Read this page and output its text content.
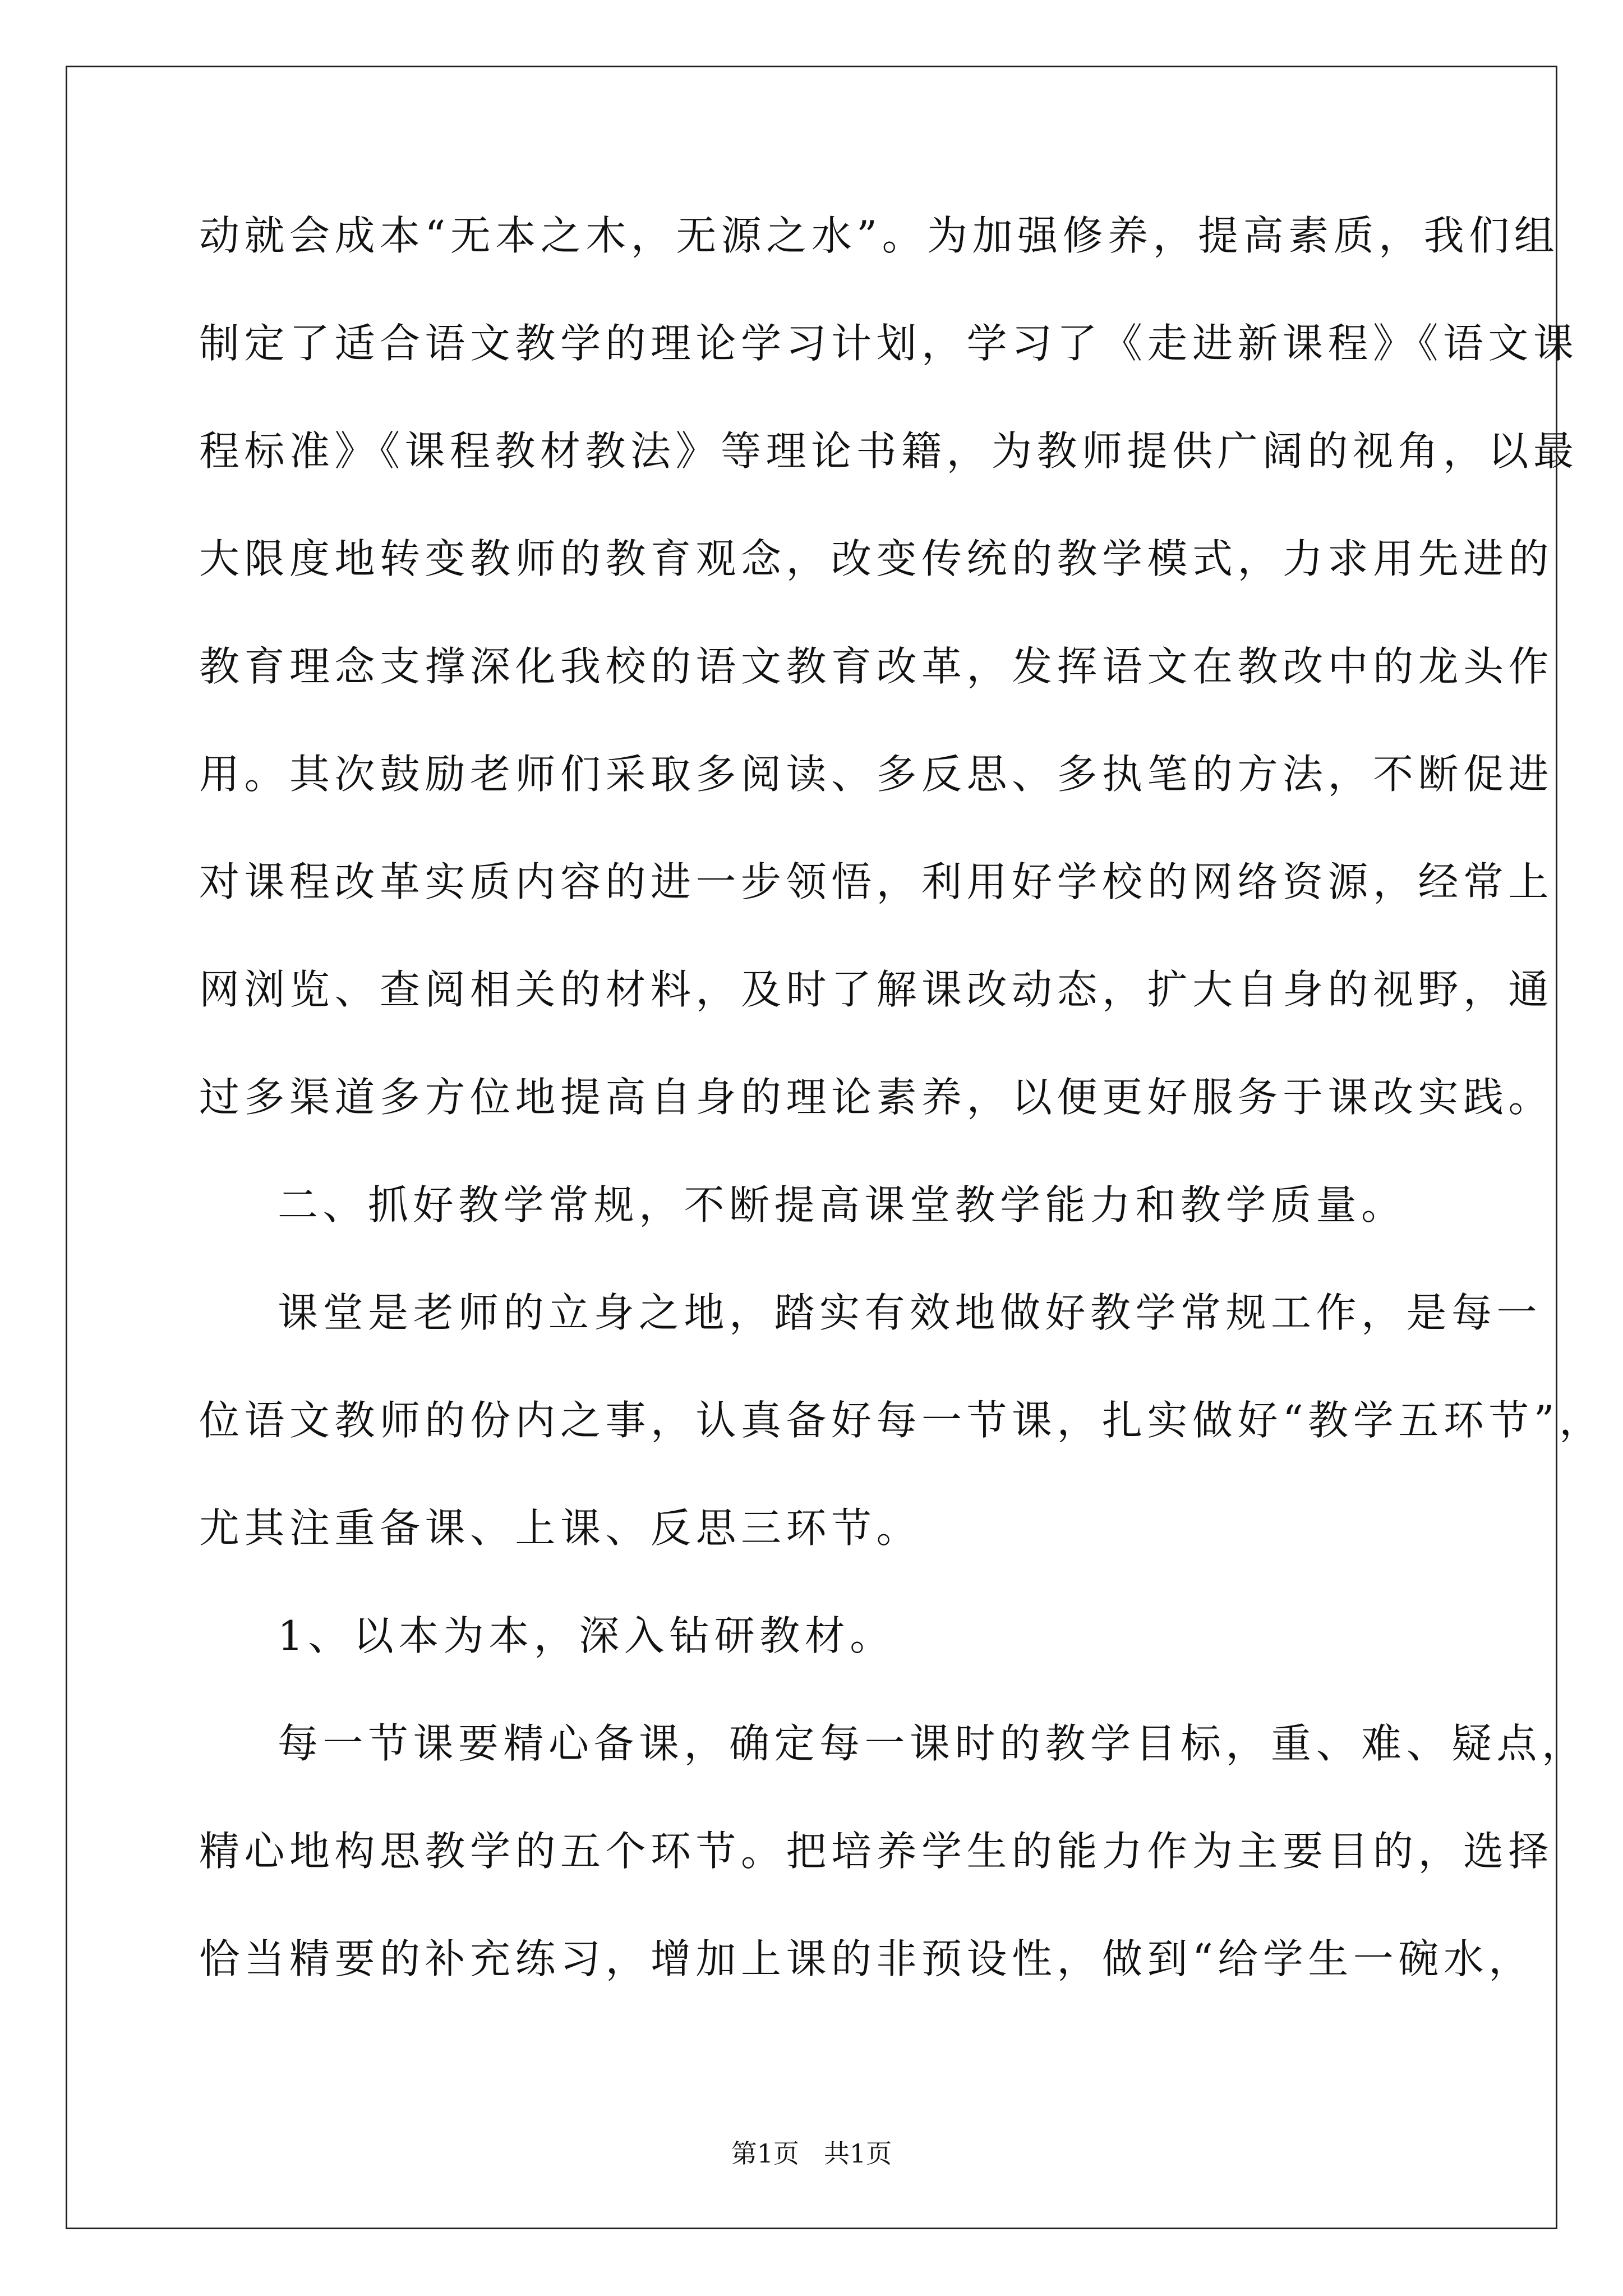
动就会成本“无本之木，无源之水”。为加强修养，提高素质，我们组
制定了适合语文教学的理论学习计划，学习了《走进新课程》《语文课
程标准》《课程教材教法》等理论书籍，为教师提供广阔的视角，以最
大限度地转变教师的教育观念，改变传统的教学模式，力求用先进的
教育理念支撑深化我校的语文教育改革，发挥语文在教改中的龙头作
用。其次鼓励老师们采取多阅读、多反思、多执笔的方法，不断促进
对课程改革实质内容的进一步领悟，利用好学校的网络资源，经常上
网浏览、查阅相关的材料，及时了解课改动态，扩大自身的视野，通
过多渠道多方位地提高自身的理论素养，以便更好服务于课改实践。
二、抓好教学常规，不断提高课堂教学能力和教学质量。
课堂是老师的立身之地，踏实有效地做好教学常规工作，是每一
位语文教师的份内之事，认真备好每一节课，扎实做好“教学五环节”，
尤其注重备课、上课、反思三环节。
1、以本为本，深入钻研教材。
每一节课要精心备课，确定每一课时的教学目标，重、难、疑点，
精心地构思教学的五个环节。把培养学生的能力作为主要目的，选择
恰当精要的补充练习，增加上课的非预设性，做到“给学生一碗水，
第1页 共1页
